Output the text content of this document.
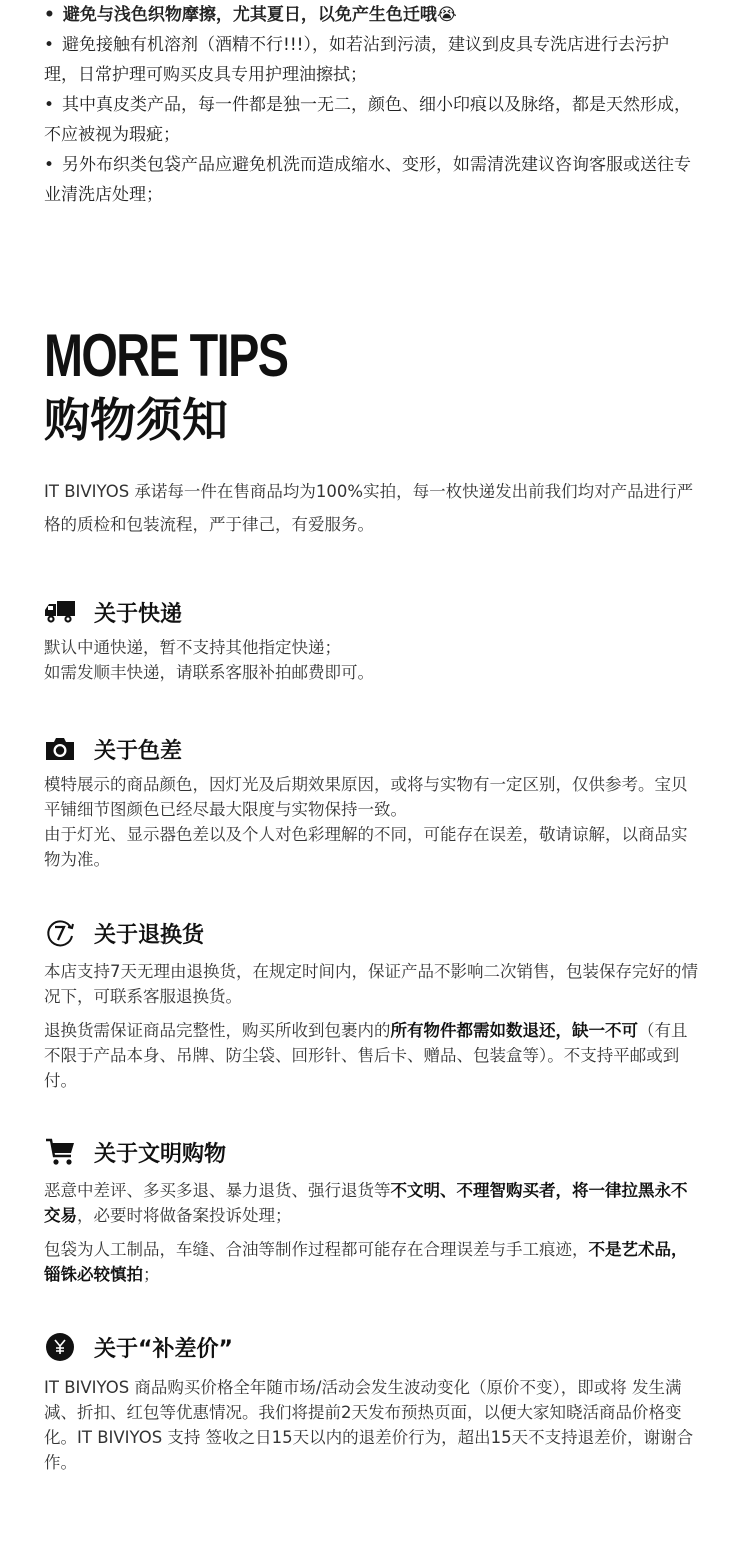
• 避免与浅色织物摩擦，尤其夏日，以免产生色迁哦😭

• 避免接触有机溶剂（酒精不行!!!），如若沾到污渍，建议到皮具专洗店进行去污护理，日常护理可购买皮具专用护理油擦拭；

• 其中真皮类产品，每一件都是独一无二，颜色、细小印痕以及脉络，都是天然形成，不应被视为瑕疵；

• 另外布织类包袋产品应避免机洗而造成缩水、变形，如需清洗建议咨询客服或送往专业清洗店处理；

MORE TIPS
购物须知
IT BIVIYOS 承诺每一件在售商品均为100%实拍，每一枚快递发出前我们均对产品进行严格的质检和包装流程，严于律己，有爱服务。
关于快递

默认中通快递，暂不支持其他指定快递；

如需发顺丰快递，请联系客服补拍邮费即可。

关于色差

模特展示的商品颜色，因灯光及后期效果原因，或将与实物有一定区别，仅供参考。宝贝平铺细节图颜色已经尽最大限度与实物保持一致。

由于灯光、显示器色差以及个人对色彩理解的不同，可能存在误差，敬请谅解，以商品实物为准。

关于退换货

本店支持7天无理由退换货，在规定时间内，保证产品不影响二次销售，包装保存完好的情况下，可联系客服退换货。

退换货需保证商品完整性，购买所收到包裹内的所有物件都需如数退还，缺一不可（有且不限于产品本身、吊牌、防尘袋、回形针、售后卡、赠品、包装盒等）。不支持平邮或到付。

关于文明购物

恶意中差评、多买多退、暴力退货、强行退货等不文明、不理智购买者，将一律拉黑永不交易，必要时将做备案投诉处理；

包袋为人工制品，车缝、合油等制作过程都可能存在合理误差与手工痕迹，不是艺术品，锱铢必较慎拍；

关于“补差价”

IT BIVIYOS 商品购买价格全年随市场/活动会发生波动变化（原价不变），即或将 发生满减、折扣、红包等优惠情况。我们将提前2天发布预热页面，以便大家知晓活商品价格变化。IT BIVIYOS 支持 签收之日15天以内的退差价行为，超出15天不支持退差价，谢谢合作。
